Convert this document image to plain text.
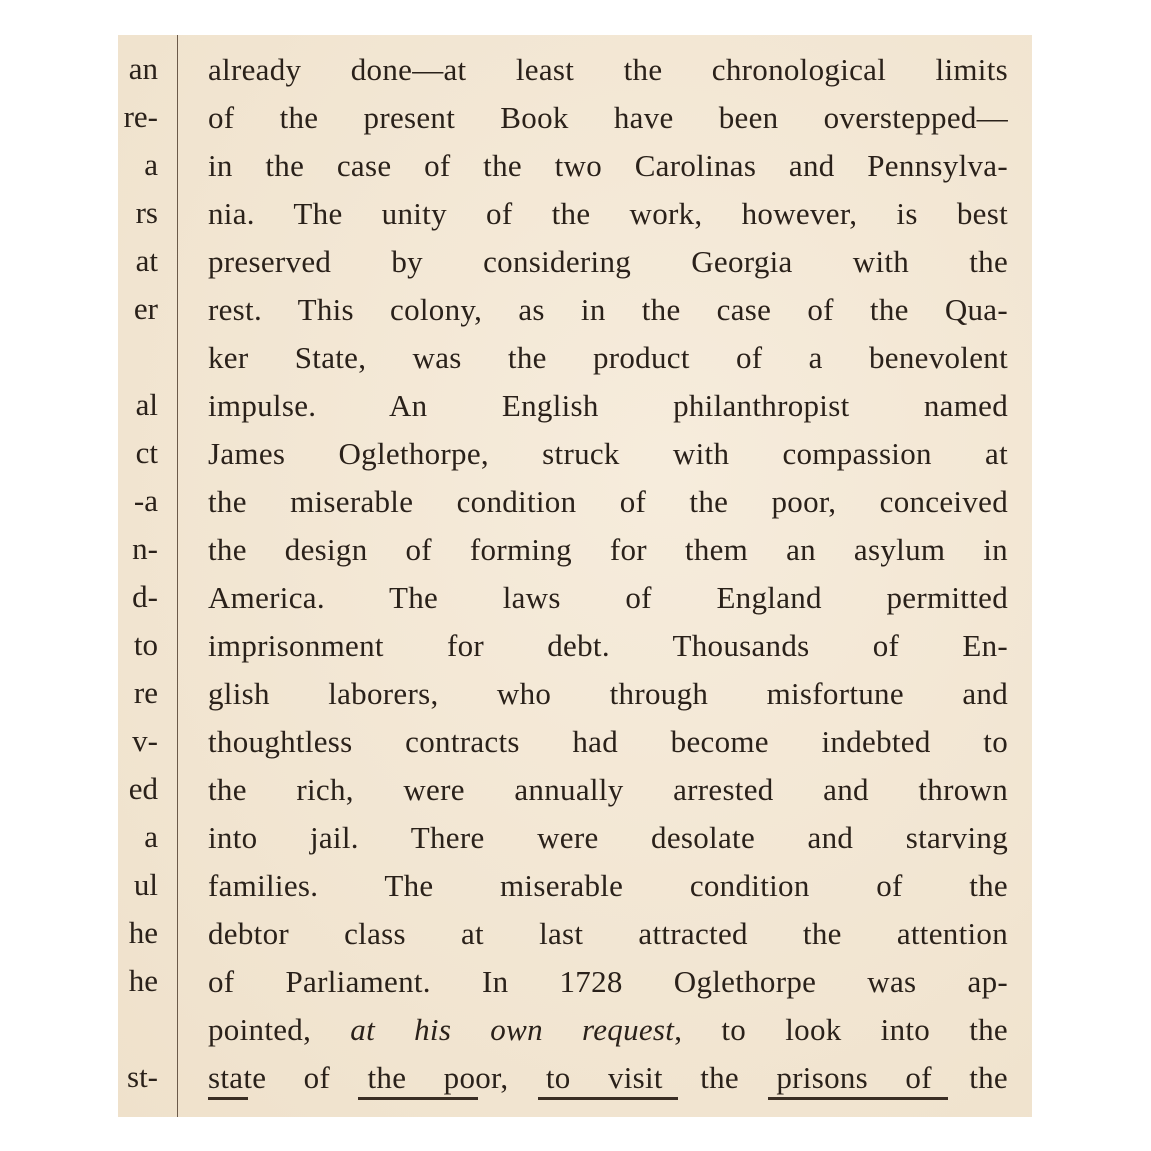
an
re-
a
rs
at
er
al
ct
-a
n-
d-
to
re
v-
ed
a
ul
he
he
st-
already done—at least the chronological limits
of the present Book have been overstepped—
in the case of the two Carolinas and Pennsylva-
nia. The unity of the work, however, is best
preserved by considering Georgia with the
rest. This colony, as in the case of the Qua-
ker State, was the product of a benevolent
impulse. An English philanthropist named
James Oglethorpe, struck with compassion at
the miserable condition of the poor, conceived
the design of forming for them an asylum in
America. The laws of England permitted
imprisonment for debt. Thousands of En-
glish laborers, who through misfortune and
thoughtless contracts had become indebted to
the rich, were annually arrested and thrown
into jail. There were desolate and starving
families. The miserable condition of the
debtor class at last attracted the attention
of Parliament. In 1728 Oglethorpe was ap-
pointed, at his own request, to look into the
state of the poor, to visit the prisons of the
